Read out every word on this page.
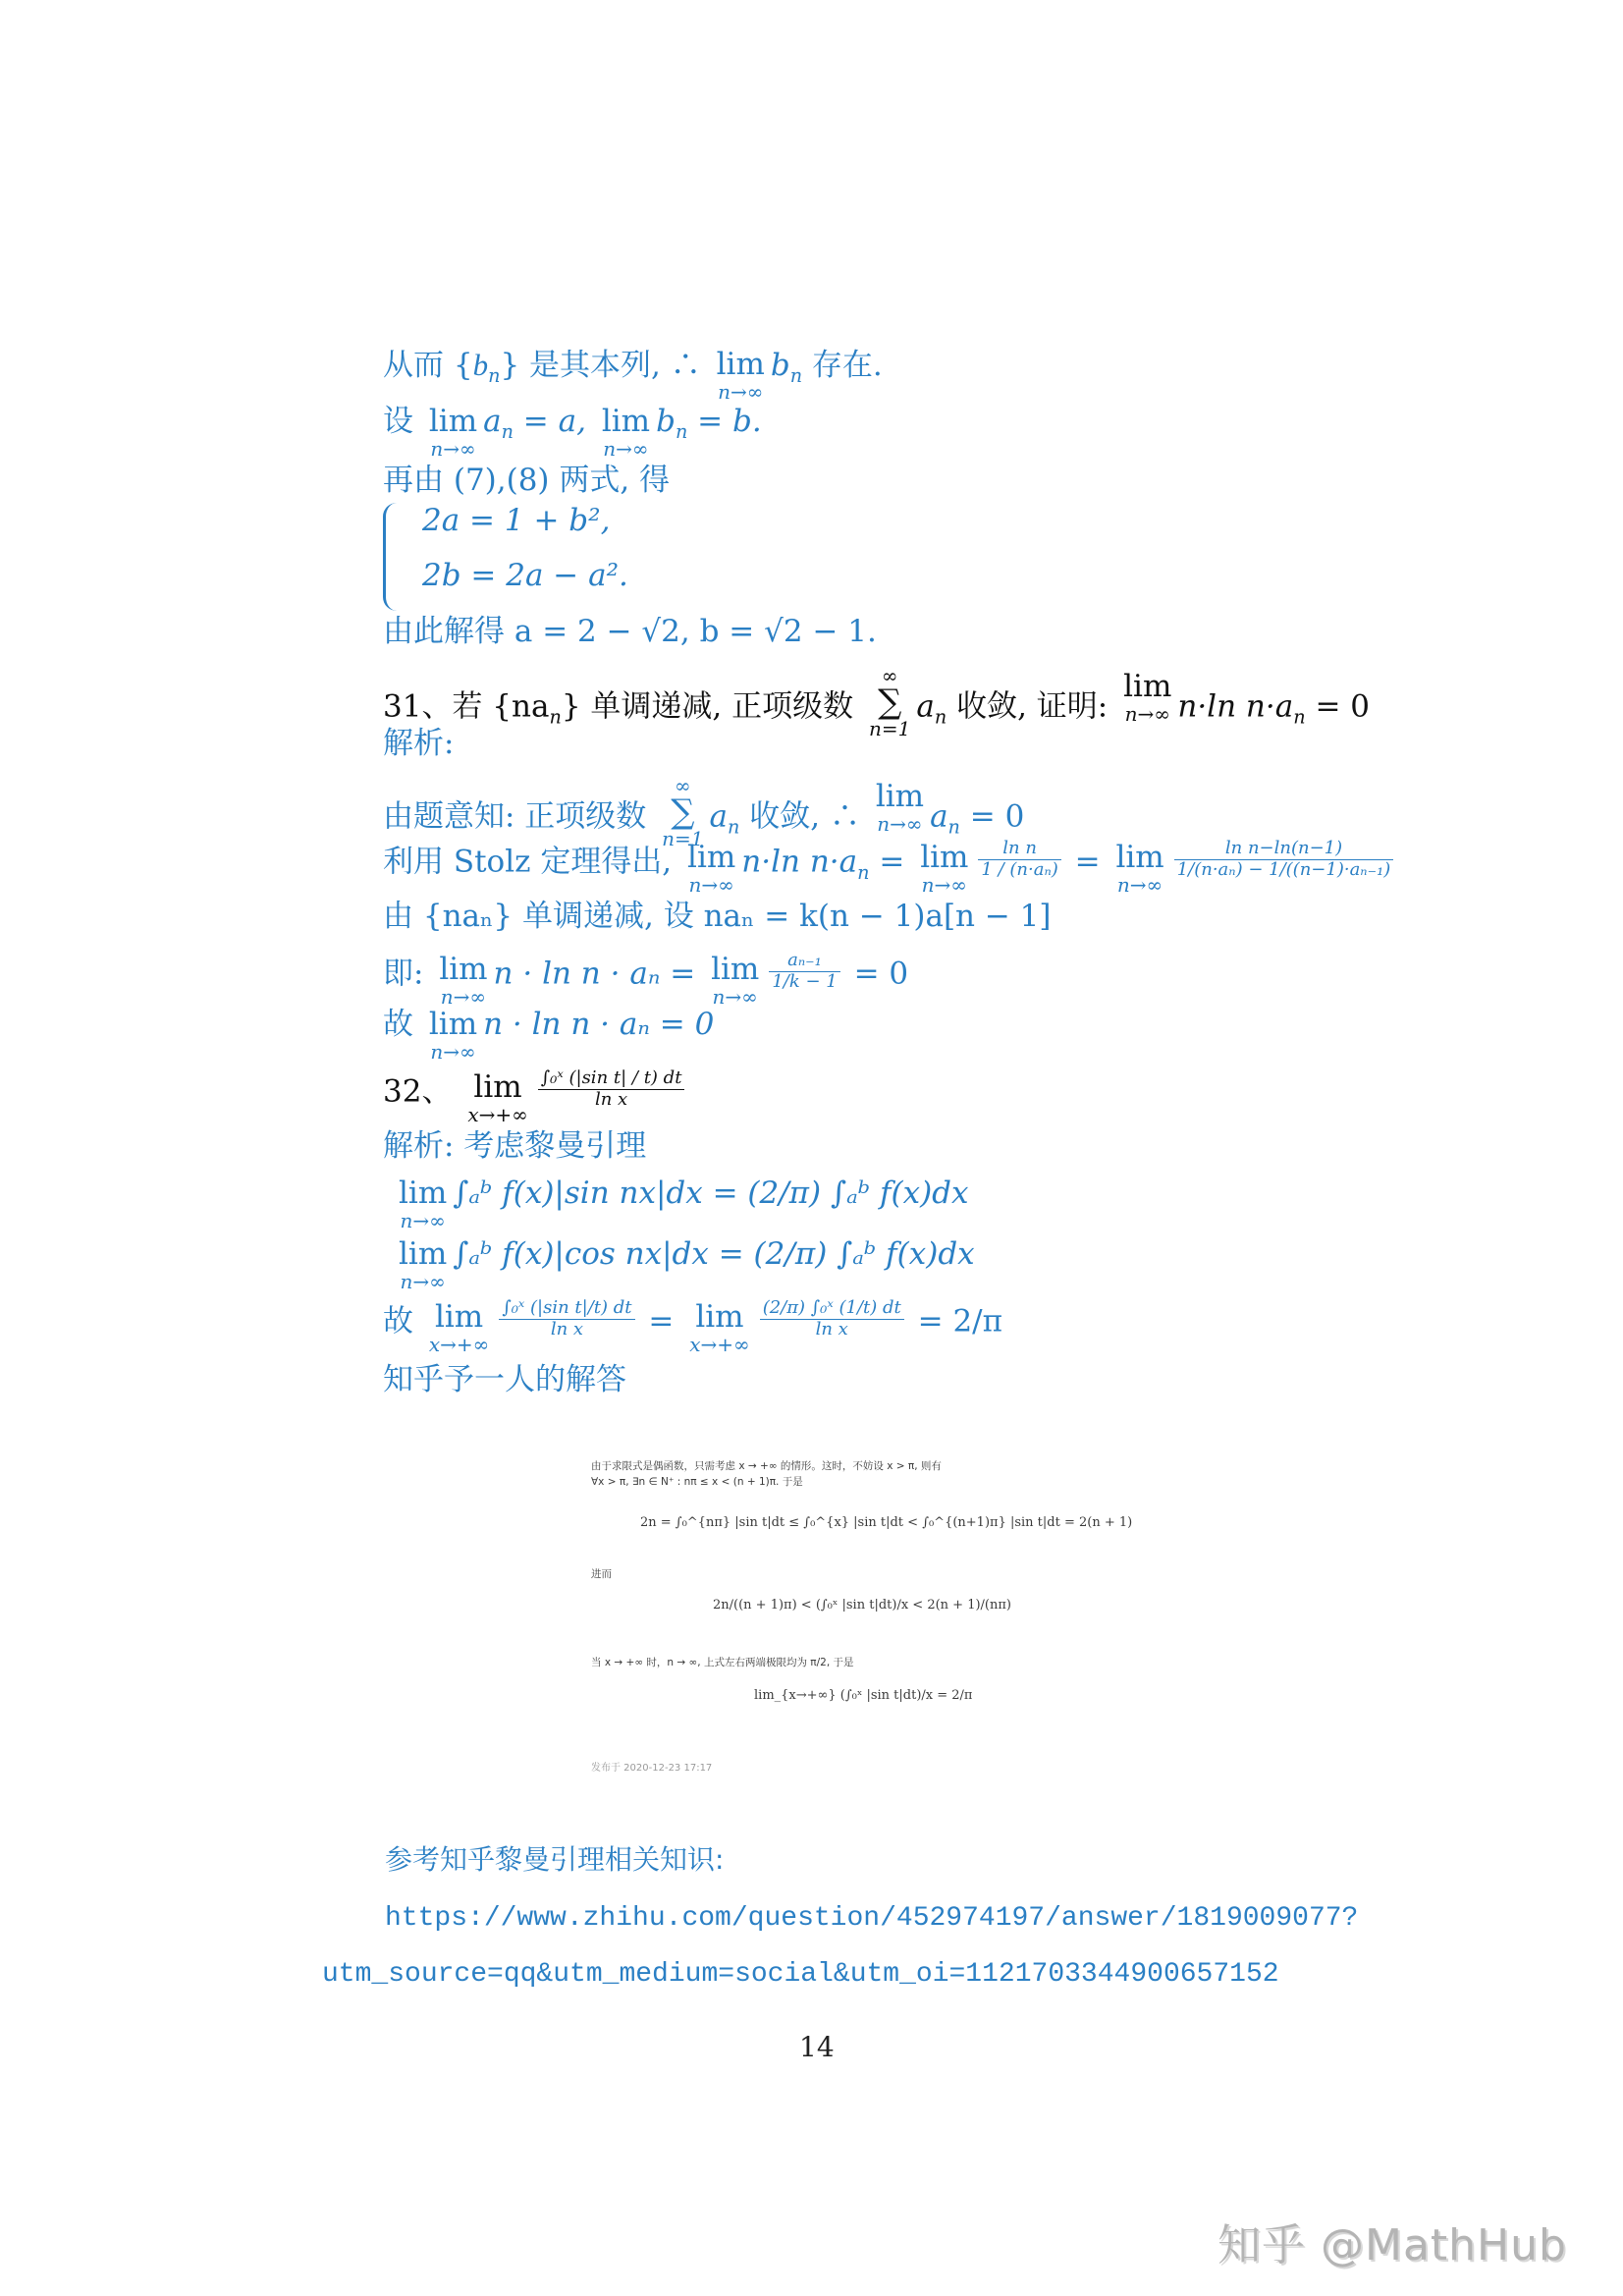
从而 $\{b_n\}$ 是其本列, ∴ lim
n→∞
$b_n$ 存在.
设 lim
n→∞
$a_n = a$, lim
n→∞
$b_n = b$.
再由 (7),(8) 两式, 得
2a = 1 + b²,
2b = 2a − a².
由此解得 a = 2 − √2, b = √2 − 1.
31、若 $\{na_n\}$ 单调递减, 正项级数
∞
∑
n=1
$a_n$ 收敛, 证明:
lim
n→∞ n·ln $n\cdot a_n = 0$
解析:
由题意知: 正项级数
∞
∑
n=1
$a_n$ 收敛, ∴
lim
n→∞ $a_n = 0$
利用 Stolz 定理得出, lim
n→∞
n·ln $n\cdot a_n = \lim$
n→∞
$\frac{\text{ln n}}{\text{1 / (n·aₙ)}} = \lim$
n→∞
$\frac{\text{ln n−ln(n−1)}}{\text{1/(n·aₙ) − 1/((n−1)·aₙ₋₁)}}$
由 {naₙ} 单调递减, 设 naₙ = k(n − 1)a[n − 1]
即: lim
n→∞
n · ln n · aₙ = lim
n→∞
$\frac{\text{aₙ₋₁}}{1/k - 1} = 0$
故 lim
n→∞
n · ln n · aₙ = 0
32、 lim
x→+∞
$\frac{\text{∫₀ˣ (|sin t| / t) dt}}{\text{ln x}}$
解析: 考虑黎曼引理
lim
n→∞
∫ₐᵇ f(x)|sin nx|dx = (2/π) ∫ₐᵇ f(x)dx
lim
n→∞
∫ₐᵇ f(x)|cos nx|dx = (2/π) ∫ₐᵇ f(x)dx
故 lim
x→+∞
$\frac{\text{∫₀ˣ (|sin t|/t) dt}}{\text{ln x}} = \lim$
x→+∞
$\frac{\text{(2/π) ∫₀ˣ (1/t) dt}}{\text{ln x}} = 2/\pi$
知乎予一人的解答
由于求限式是偶函数，只需考虑 x → +∞ 的情形。这时，不妨设 x > π, 则有
∀x > π, ∃n ∈ N⁺ : nπ ≤ x < (n + 1)π. 于是
2n = ∫₀^{nπ} |sin t|dt ≤ ∫₀^{x} |sin t|dt < ∫₀^{(n+1)π} |sin t|dt = 2(n + 1)
进而
2n/((n + 1)π) < (∫₀ˣ |sin t|dt)/x < 2(n + 1)/(nπ)
当 x → +∞ 时，n → ∞, 上式左右两端极限均为 π/2, 于是
lim_{x→+∞} (∫₀ˣ |sin t|dt)/x = 2/π
发布于 2020-12-23 17:17
参考知乎黎曼引理相关知识:
https://www.zhihu.com/question/452974197/answer/1819009077?
utm_source=qq&utm_medium=social&utm_oi=1121703344900657152
14
知乎 @MathHub
